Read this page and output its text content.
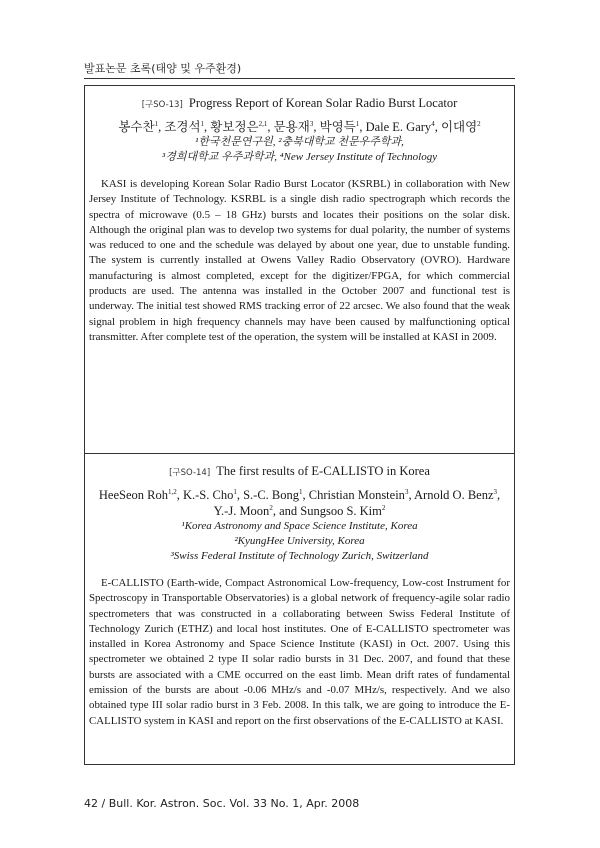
발표논문 초록(태양 및 우주환경)
[구SO-13] Progress Report of Korean Solar Radio Burst Locator
봉수찬$^1$, 조경석$^1$, 황보정은$^{2,1}$, 문용재$^3$, 박영득$^1$, Dale E. Gary$^4$, 이대영$^2$
¹한국천문연구원, ²충북대학교 천문우주학과,
³경희대학교 우주과학과, ⁴New Jersey Institute of Technology
KASI is developing Korean Solar Radio Burst Locator (KSRBL) in collaboration with New Jersey Institute of Technology. KSRBL is a single dish radio spectrograph which records the spectra of microwave (0.5 – 18 GHz) bursts and locates their positions on the solar disk. Although the original plan was to develop two systems for dual polarity, the number of systems was reduced to one and the schedule was delayed by about one year, due to unstable funding. The system is currently installed at Owens Valley Radio Observatory (OVRO). Hardware manufacturing is almost completed, except for the digitizer/FPGA, for which commercial products are used. The antenna was installed in the October 2007 and functional test is underway. The initial test showed RMS tracking error of 22 arcsec. We also found that the weak signal problem in high frequency channels may have been caused by malfunctioning optical transmitter. After complete test of the operation, the system will be installed at KASI in 2009.
[구SO-14] The first results of E-CALLISTO in Korea
HeeSeon Roh$^{1,2}$, K.-S. Cho$^1$, S.-C. Bong$^1$, Christian Monstein$^3$, Arnold O. Benz$^3$, Y.-J. Moon$^2$, and Sungsoo S. Kim$^2$
¹Korea Astronomy and Space Science Institute, Korea
²KyungHee University, Korea
³Swiss Federal Institute of Technology Zurich, Switzerland
E-CALLISTO (Earth-wide, Compact Astronomical Low-frequency, Low-cost Instrument for Spectroscopy in Transportable Observatories) is a global network of frequency-agile solar radio spectrometers that was constructed in a collaborating between Swiss Federal Institute of Technology Zurich (ETHZ) and local host institutes. One of E-CALLISTO spectrometer was installed in Korea Astronomy and Space Science Institute (KASI) in Oct. 2007. Using this spectrometer we obtained 2 type II solar radio bursts in 31 Dec. 2007, and found that these bursts are associated with a CME occurred on the east limb. Mean drift rates of fundamental emission of the bursts are about -0.06 MHz/s and -0.07 MHz/s, respectively. And we also obtained type III solar radio burst in 3 Feb. 2008. In this talk, we are going to introduce the E-CALLISTO system in KASI and report on the first observations of the E-CALLISTO at KASI.
42 / Bull. Kor. Astron. Soc. Vol. 33 No. 1, Apr. 2008
